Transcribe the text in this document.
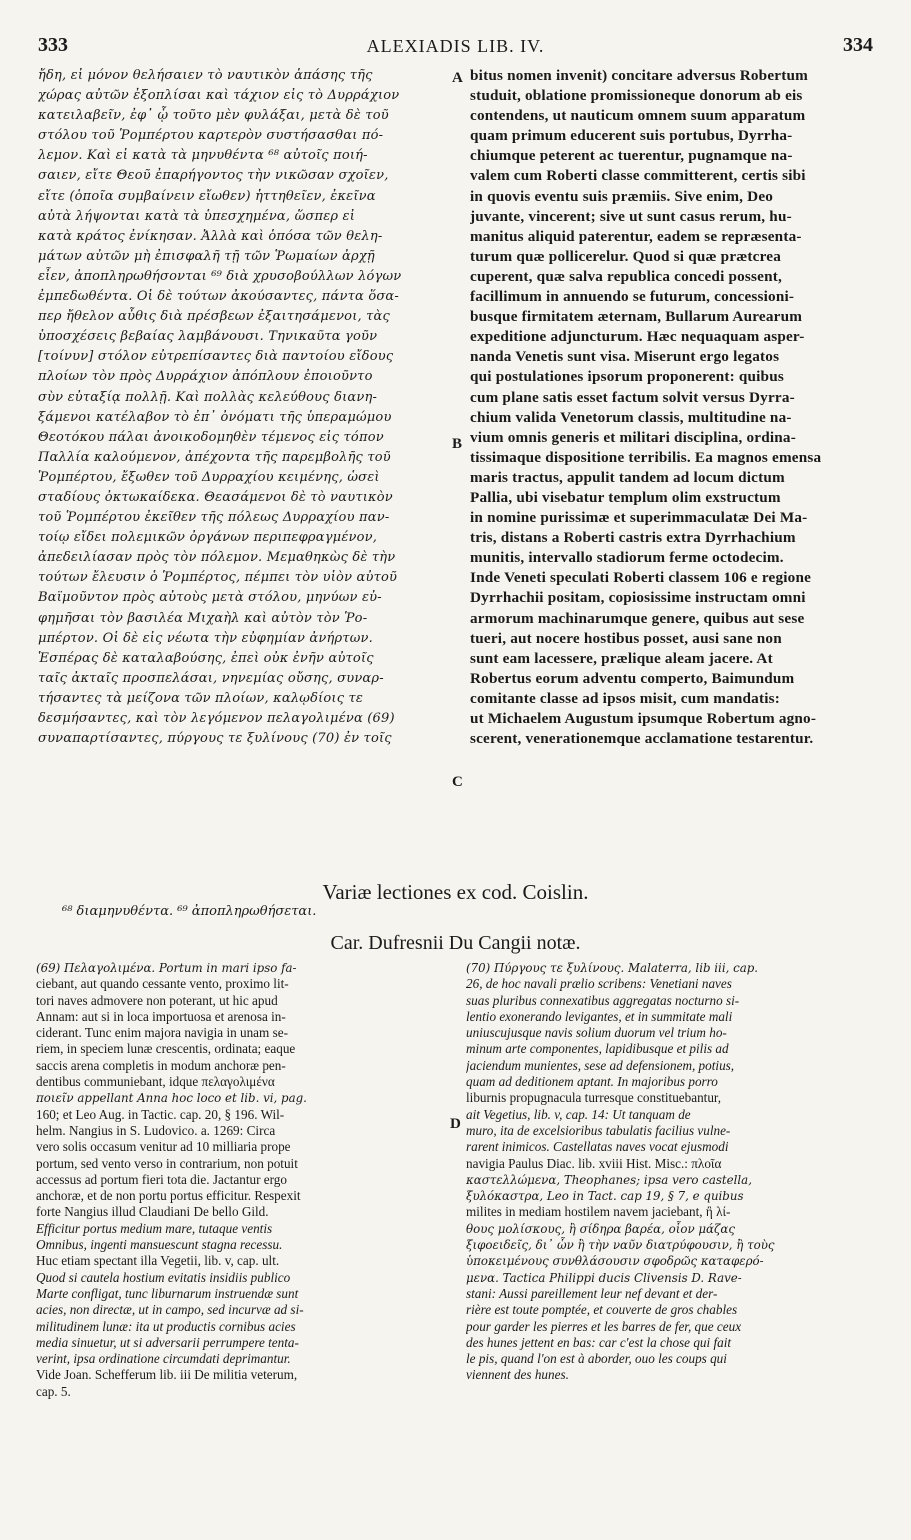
333	ALEXIADIS LIB. IV.	334
ἤδη, εἰ μόνον θελήσαιεν τὸ ναυτικὸν ἁπάσης τῆς
χώρας αὐτῶν ἐξοπλίσαι καὶ τάχιον εἰς τὸ Δυρράχιον
κατειλαβεῖν, ἐφ᾿ ᾧ τοῦτο μὲν φυλάξαι, μετὰ δὲ τοῦ
στόλου τοῦ Ῥομπέρτου καρτερὸν συστήσασθαι πό-
λεμον. Καὶ εἰ κατὰ τὰ μηνυθέντα ⁶⁸ αὐτοῖς ποιή-
σαιεν, εἴτε Θεοῦ ἐπαρήγοντος τὴν νικῶσαν σχοῖεν,
εἴτε (ὁποῖα συμβαίνειν εἴωθεν) ἡττηθεῖεν, ἐκεῖνα
αὐτὰ λήψονται κατὰ τὰ ὑπεσχημένα, ὥσπερ εἰ
κατὰ κράτος ἐνίκησαν. Ἀλλὰ καὶ ὁπόσα τῶν θελη-
μάτων αὐτῶν μὴ ἐπισφαλῆ τῇ τῶν Ῥωμαίων ἀρχῇ
εἶεν, ἀποπληρωθήσονται ⁶⁹ διὰ χρυσοβούλλων λόγων
ἐμπεδωθέντα. Οἱ δὲ τούτων ἀκούσαντες, πάντα ὅσα-
περ ἤθελον αὖθις διὰ πρέσβεων ἐξαιτησάμενοι, τὰς
ὑποσχέσεις βεβαίας λαμβάνουσι. Τηνικαῦτα γοῦν
[τοίνυν] στόλον εὐτρεπίσαντες διὰ παντοίου εἴδους
πλοίων τὸν πρὸς Δυρράχιον ἀπόπλουν ἐποιοῦντο
σὺν εὐταξίᾳ πολλῇ. Καὶ πολλὰς κελεύθους διανη-
ξάμενοι κατέλαβον τὸ ἐπ᾿ ὀνόματι τῆς ὑπεραμώμου
Θεοτόκου πάλαι ἀνοικοδομηθὲν τέμενος εἰς τόπον
Παλλία καλούμενον, ἀπέχοντα τῆς παρεμβολῆς τοῦ
Ῥομπέρτου, ἔξωθεν τοῦ Δυρραχίου κειμένης, ὡσεὶ
σταδίους ὀκτωκαίδεκα. Θεασάμενοι δὲ τὸ ναυτικὸν
τοῦ Ῥομπέρτου ἐκεῖθεν τῆς πόλεως Δυρραχίου παν-
τοίῳ εἴδει πολεμικῶν ὀργάνων περιπεφραγμένον,
ἀπεδειλίασαν πρὸς τὸν πόλεμον. Μεμαθηκὼς δὲ τὴν
τούτων ἔλευσιν ὁ Ῥομπέρτος, πέμπει τὸν υἱὸν αὐτοῦ
Βαϊμοῦντον πρὸς αὐτοὺς μετὰ στόλου, μηνύων εὐ-
φημῆσαι τὸν βασιλέα Μιχαὴλ καὶ αὐτὸν τὸν Ῥο-
μπέρτον. Οἱ δὲ εἰς νέωτα τὴν εὐφημίαν ἀνήρτων.
Ἑσπέρας δὲ καταλαβούσης, ἐπεὶ οὐκ ἐνῆν αὐτοῖς
ταῖς ἀκταῖς προσπελάσαι, νηνεμίας οὔσης, συναρ-
τήσαντες τὰ μείζονα τῶν πλοίων, καλῳδίοις τε
δεσμήσαντες, καὶ τὸν λεγόμενον πελαγολιμένα (69)
συναπαρτίσαντες, πύργους τε ξυλίνους (70) ἐν τοῖς
bitus nomen invenit) concitare adversus Robertum
studuit, oblatione promissioneque donorum ab eis
contendens, ut nauticum omnem suum apparatum
quam primum educerent suis portubus, Dyrrha-
chiumque peterent ac tuerentur, pugnamque na-
valem cum Roberti classe committerent, certis sibi
in quovis eventu suis præmiis. Sive enim, Deo
juvante, vincerent; sive ut sunt casus rerum, hu-
manitus aliquid paterentur, eadem se repræsenta-
turum quæ pollicerelur. Quod si quæ prætcrea
cuperent, quæ salva republica concedi possent,
facillimum in annuendo se futurum, concessioni-
busque firmitatem æternam, Bullarum Aurearum
expeditione adjuncturum. Hæc nequaquam asper-
nanda Venetis sunt visa. Miserunt ergo legatos
qui postulationes ipsorum proponerent: quibus
cum plane satis esset factum solvit versus Dyrra-
chium valida Venetorum classis, multitudine na-
vium omnis generis et militari disciplina, ordina-
tissimaque dispositione terribilis. Ea magnos emensa
maris tractus, appulit tandem ad locum dictum
Pallia, ubi visebatur templum olim exstructum
in nomine purissimæ et superimmaculatæ Dei Ma-
tris, distans a Roberti castris extra Dyrrhachium
munitis, intervallo stadiorum ferme octodecim.
Inde Veneti speculati Roberti classem 106 e regione
Dyrrhachii positam, copiosissime instructam omni
armorum machinarumque genere, quibus aut sese
tueri, aut nocere hostibus posset, ausi sane non
sunt eam lacessere, prælique aleam jacere. At
Robertus eorum adventu comperto, Baimundum
comitante classe ad ipsos misit, cum mandatis:
ut Michaelem Augustum ipsumque Robertum agno-
scerent, venerationemque acclamatione testarentur.
A
B
C
D
Variæ lectiones ex cod. Coislin.
⁶⁸ διαμηνυθέντα. ⁶⁹ ἀποπληρωθήσεται.
Car. Dufresnii Du Cangii notæ.
(69) Πελαγολιμένα. Portum in mari ipso fa-
ciebant, aut quando cessante vento, proximo lit-
tori naves admovere non poterant, ut hic apud
Annam: aut si in loca importuosa et arenosa in-
ciderant. Tunc enim majora navigia in unam se-
riem, in speciem lunæ crescentis, ordinata; eaque
saccis arena completis in modum anchoræ pen-
dentibus communiebant, idque πελαγολιμένα
ποιεῖν appellant Anna hoc loco et lib. vi, pag.
160; et Leo Aug. in Tactic. cap. 20, § 196. Wil-
helm. Nangius in S. Ludovico. a. 1269: Circa
vero solis occasum venitur ad 10 milliaria prope
portum, sed vento verso in contrarium, non potuit
accessus ad portum fieri tota die. Jactantur ergo
anchoræ, et de non portu portus efficitur. Respexit
forte Nangius illud Claudiani De bello Gild.
Efficitur portus medium mare, tutaque ventis
Omnibus, ingenti mansuescunt stagna recessu.
Huc etiam spectant illa Vegetii, lib. v, cap. ult.
Quod si cautela hostium evitatis insidiis publico
Marte confligat, tunc liburnarum instruendæ sunt
acies, non directæ, ut in campo, sed incurvæ ad si-
militudinem lunæ: ita ut productis cornibus acies
media sinuetur, ut si adversarii perrumpere tenta-
verint, ipsa ordinatione circumdati deprimantur.
Vide Joan. Schefferum lib. iii De militia veterum,
cap. 5.
(70) Πύργους τε ξυλίνους. Malaterra, lib iii, cap.
26, de hoc navali prælio scribens: Venetiani naves
suas pluribus connexatibus aggregatas nocturno si-
lentio exonerando levigantes, et in summitate mali
uniuscujusque navis solium duorum vel trium ho-
minum arte componentes, lapidibusque et pilis ad
jaciendum munientes, sese ad defensionem, potius,
quam ad deditionem aptant. In majoribus porro
liburnis propugnacula turresque constituebantur,
ait Vegetius, lib. v, cap. 14: Ut tanquam de
muro, ita de excelsioribus tabulatis facilius vulne-
rarent inimicos. Castellatas naves vocat ejusmodi
navigia Paulus Diac. lib. xviii Hist. Misc.: πλοῖα
καστελλώμενα, Theophanes; ipsa vero castella,
ξυλόκαστρα, Leo in Tact. cap 19, § 7, e quibus
milites in mediam hostilem navem jaciebant, ἢ λί-
θους μολίσκους, ἢ σίδηρα βαρέα, οἷον μάζας
ξιφοειδεῖς, δι᾿ ὧν ἢ τὴν ναῦν διατρύφουσιν, ἢ τοὺς
ὑποκειμένους συνθλάσουσιν σφοδρῶς καταφερό-
μενα. Tactica Philippi ducis Clivensis D. Rave-
stani: Aussi pareillement leur nef devant et der-
rière est toute pomptée, et couverte de gros chables
pour garder les pierres et les barres de fer, que ceux
des hunes jettent en bas: car c'est la chose qui fait
le pis, quand l'on est à aborder, ouo les coups qui
viennent des hunes.
